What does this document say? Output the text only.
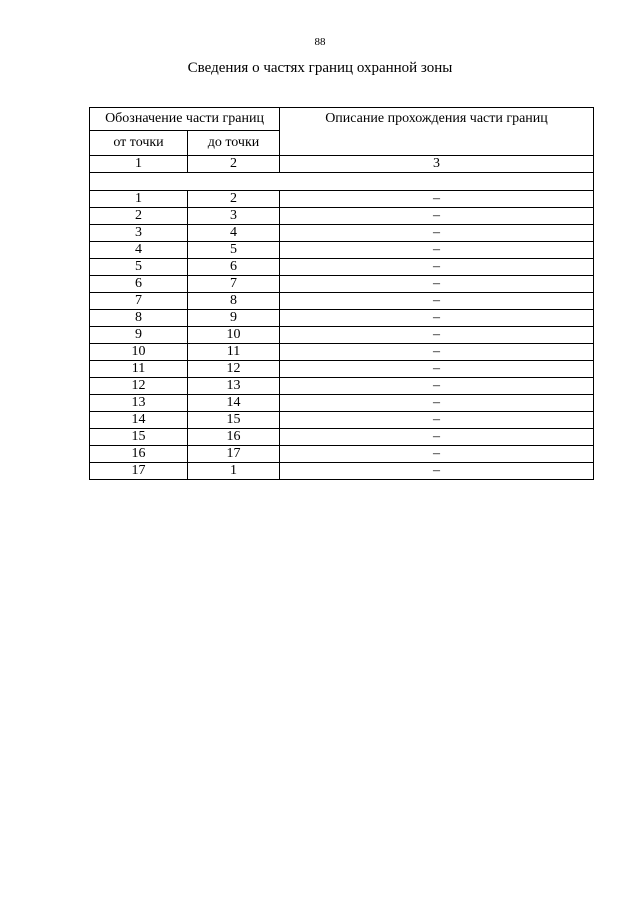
88
Сведения о частях границ охранной зоны
Обозначение части границ		Описание прохождения части границ
от точки	до точки	
1	2	3

1	2	–
2	3	–
3	4	–
4	5	–
5	6	–
6	7	–
7	8	–
8	9	–
9	10	–
10	11	–
11	12	–
12	13	–
13	14	–
14	15	–
15	16	–
16	17	–
17	1	–
